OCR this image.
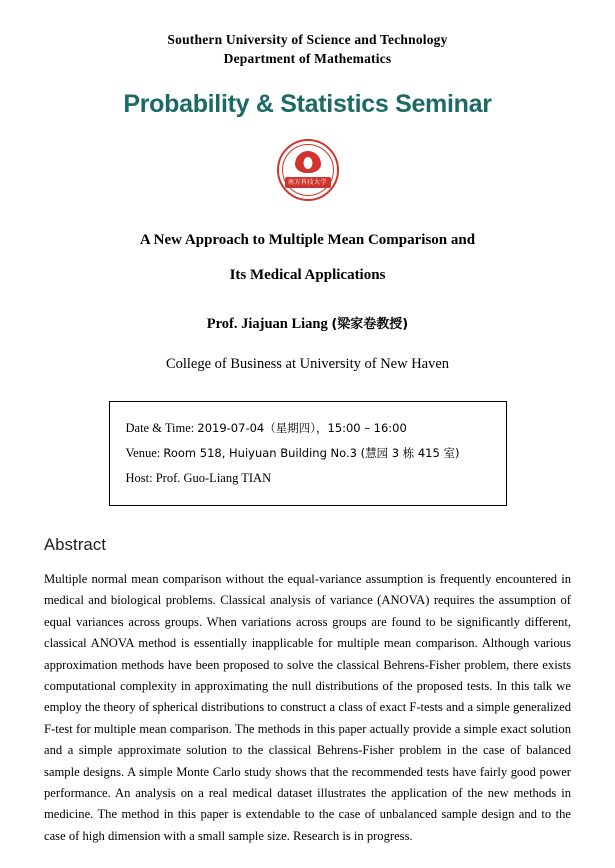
Southern University of Science and Technology
Department of Mathematics
Probability & Statistics Seminar
南方科技大学
A New Approach to Multiple Mean Comparison and
Its Medical Applications
Prof. Jiajuan Liang (梁家卷教授)
College of Business at University of New Haven
Date & Time: 2019-07-04（星期四），15:00 – 16:00
Venue: Room 518, Huiyuan Building No.3 (慧园 3 栋 415 室)
Host: Prof. Guo-Liang TIAN
Abstract
Multiple normal mean comparison without the equal-variance assumption is frequently encountered in medical and biological problems. Classical analysis of variance (ANOVA) requires the assumption of equal variances across groups. When variations across groups are found to be significantly different, classical ANOVA method is essentially inapplicable for multiple mean comparison. Although various approximation methods have been proposed to solve the classical Behrens-Fisher problem, there exists computational complexity in approximating the null distributions of the proposed tests. In this talk we employ the theory of spherical distributions to construct a class of exact F-tests and a simple generalized F-test for multiple mean comparison. The methods in this paper actually provide a simple exact solution and a simple approximate solution to the classical Behrens-Fisher problem in the case of balanced sample designs. A simple Monte Carlo study shows that the recommended tests have fairly good power performance. An analysis on a real medical dataset illustrates the application of the new methods in medicine. The method in this paper is extendable to the case of unbalanced sample design and to the case of high dimension with a small sample size. Research is in progress.
